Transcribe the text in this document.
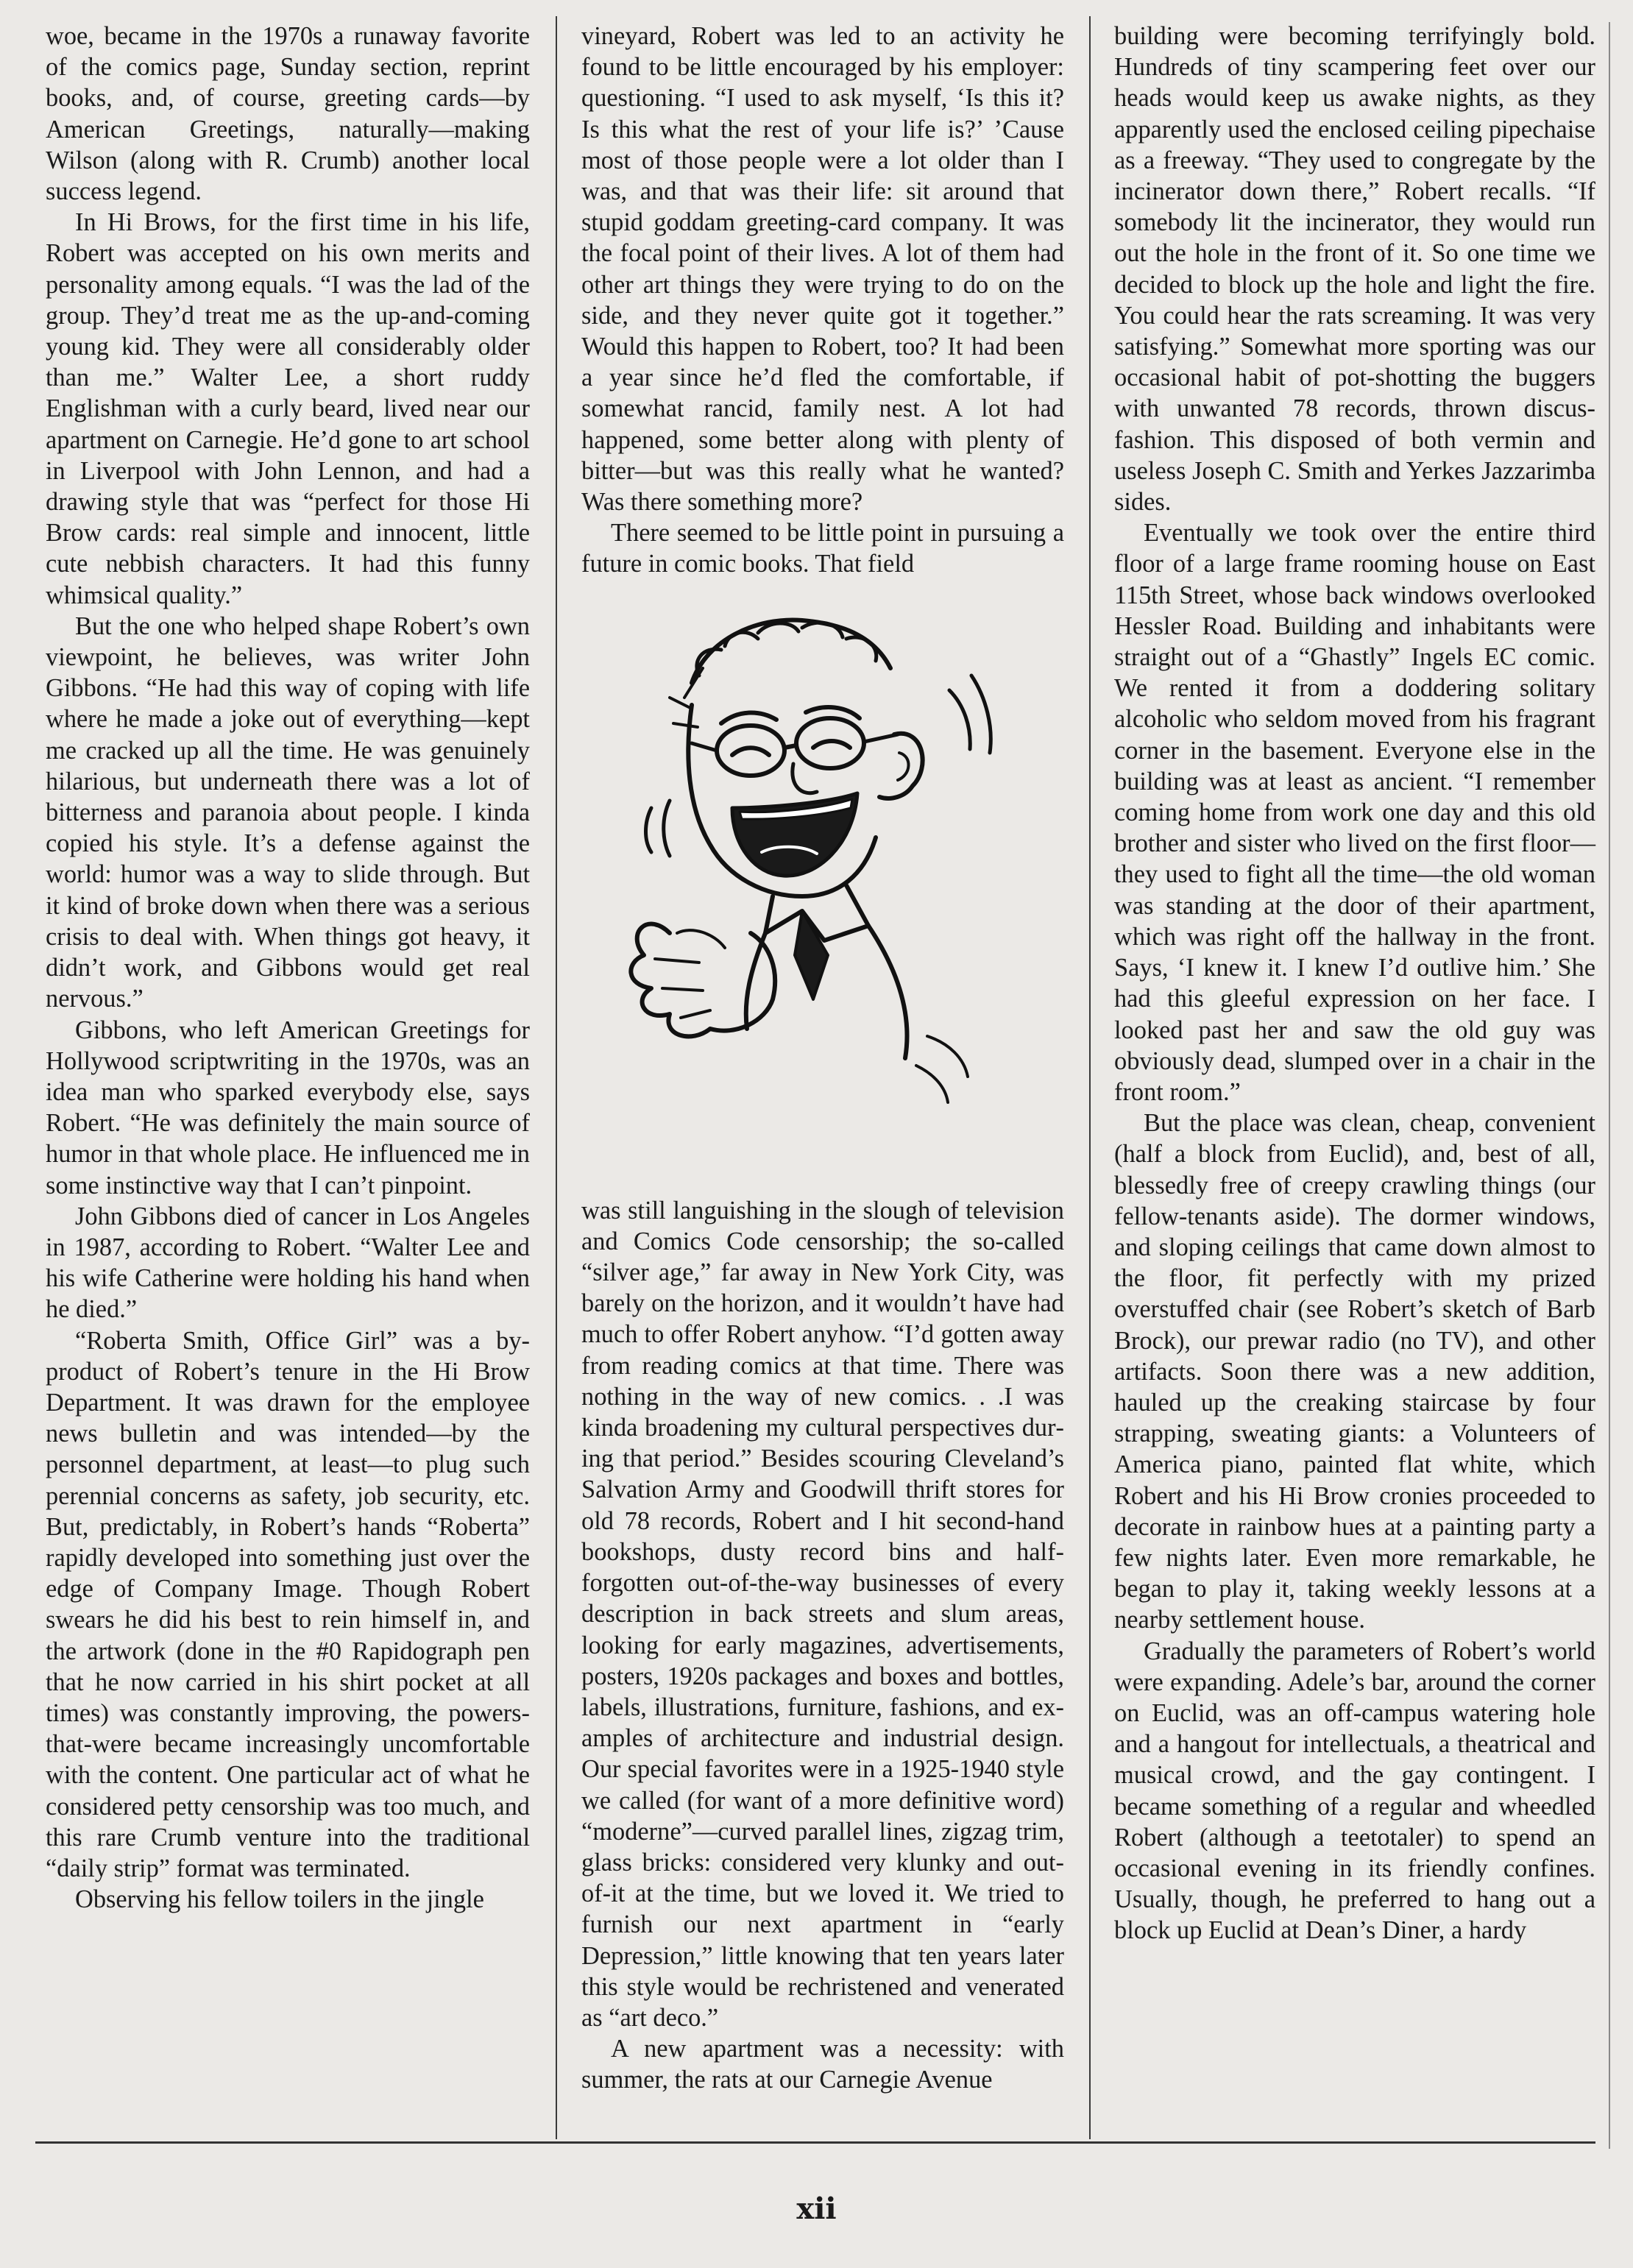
woe, became in the 1970s a runaway favorite of the comics page, Sunday section, reprint books, and, of course, greeting cards—by American Greetings, naturally—making Wilson (along with R. Crumb) another local success legend.

In Hi Brows, for the first time in his life, Robert was accepted on his own merits and personality among equals. “I was the lad of the group. They’d treat me as the up-and-coming young kid. They were all considerably older than me.” Walter Lee, a short ruddy Englishman with a curly beard, lived near our apartment on Carnegie. He’d gone to art school in Liverpool with John Lennon, and had a drawing style that was “perfect for those Hi Brow cards: real simple and innocent, little cute nebbish characters. It had this funny whimsical quality.”

But the one who helped shape Robert’s own viewpoint, he believes, was writer John Gibbons. “He had this way of coping with life where he made a joke out of everything—kept me cracked up all the time. He was genuinely hilarious, but underneath there was a lot of bitterness and paranoia about people. I kinda copied his style. It’s a defense against the world: humor was a way to slide through. But it kind of broke down when there was a serious crisis to deal with. When things got heavy, it didn’t work, and Gibbons would get real nervous.”

Gibbons, who left American Greetings for Hollywood scriptwriting in the 1970s, was an idea man who sparked everybody else, says Robert. “He was definitely the main source of humor in that whole place. He influenced me in some instinctive way that I can’t pinpoint.

John Gibbons died of cancer in Los Angeles in 1987, according to Robert. “Walter Lee and his wife Catherine were holding his hand when he died.”

“Roberta Smith, Office Girl” was a byproduct of Robert’s tenure in the Hi Brow Department. It was drawn for the employee news bulletin and was intended—by the personnel department, at least—to plug such perennial concerns as safety, job security, etc. But, predictably, in Robert’s hands “Roberta” rapidly developed into something just over the edge of Company Image. Though Robert swears he did his best to rein himself in, and the artwork (done in the #0 Rapidograph pen that he now carried in his shirt pocket at all times) was constantly improving, the powers-that-were became increasingly uncomfortable with the content. One particular act of what he considered petty censorship was too much, and this rare Crumb venture into the traditional “daily strip” format was terminated.

Observing his fellow toilers in the jingle

vineyard, Robert was led to an activity he found to be little encouraged by his employer: questioning. “I used to ask myself, ‘Is this it? Is this what the rest of your life is?’ ’Cause most of those people were a lot older than I was, and that was their life: sit around that stupid goddam greeting-card company. It was the focal point of their lives. A lot of them had other art things they were trying to do on the side, and they never quite got it together.” Would this happen to Robert, too? It had been a year since he’d fled the comfortable, if somewhat rancid, family nest. A lot had happened, some better along with plenty of bitter—but was this really what he wanted? Was there something more?

There seemed to be little point in pursuing a future in comic books. That field

was still languishing in the slough of television and Comics Code censorship; the so-called “silver age,” far away in New York City, was barely on the horizon, and it wouldn’t have had much to offer Robert anyhow. “I’d gotten away from reading comics at that time. There was nothing in the way of new comics. . .I was kinda broadening my cultural perspectives during that period.” Besides scouring Cleveland’s Salvation Army and Goodwill thrift stores for old 78 records, Robert and I hit second-hand bookshops, dusty record bins and half-forgotten out-of-the-way businesses of every description in back streets and slum areas, looking for early magazines, advertisements, posters, 1920s packages and boxes and bottles, labels, illustrations, furniture, fashions, and examples of architecture and industrial design. Our special favorites were in a 1925-1940 style we called (for want of a more definitive word) “moderne”—curved parallel lines, zigzag trim, glass bricks: considered very klunky and out-of-it at the time, but we loved it. We tried to furnish our next apartment in “early Depression,” little knowing that ten years later this style would be rechristened and venerated as “art deco.”

A new apartment was a necessity: with summer, the rats at our Carnegie Avenue

building were becoming terrifyingly bold. Hundreds of tiny scampering feet over our heads would keep us awake nights, as they apparently used the enclosed ceiling pipechaise as a freeway. “They used to congregate by the incinerator down there,” Robert recalls. “If somebody lit the incinerator, they would run out the hole in the front of it. So one time we decided to block up the hole and light the fire. You could hear the rats screaming. It was very satisfying.” Somewhat more sporting was our occasional habit of pot-shotting the buggers with unwanted 78 records, thrown discus-fashion. This disposed of both vermin and useless Joseph C. Smith and Yerkes Jazzarimba sides.

Eventually we took over the entire third floor of a large frame rooming house on East 115th Street, whose back windows overlooked Hessler Road. Building and inhabitants were straight out of a “Ghastly” Ingels EC comic. We rented it from a doddering solitary alcoholic who seldom moved from his fragrant corner in the basement. Everyone else in the building was at least as ancient. “I remember coming home from work one day and this old brother and sister who lived on the first floor—they used to fight all the time—the old woman was standing at the door of their apartment, which was right off the hallway in the front. Says, ‘I knew it. I knew I’d outlive him.’ She had this gleeful expression on her face. I looked past her and saw the old guy was obviously dead, slumped over in a chair in the front room.”

But the place was clean, cheap, convenient (half a block from Euclid), and, best of all, blessedly free of creepy crawling things (our fellow-tenants aside). The dormer windows, and sloping ceilings that came down almost to the floor, fit perfectly with my prized overstuffed chair (see Robert’s sketch of Barb Brock), our prewar radio (no TV), and other artifacts. Soon there was a new addition, hauled up the creaking staircase by four strapping, sweating giants: a Volunteers of America piano, painted flat white, which Robert and his Hi Brow cronies proceeded to decorate in rainbow hues at a painting party a few nights later. Even more remarkable, he began to play it, taking weekly lessons at a nearby settlement house.

Gradually the parameters of Robert’s world were expanding. Adele’s bar, around the corner on Euclid, was an off-campus watering hole and a hangout for intellectuals, a theatrical and musical crowd, and the gay contingent. I became something of a regular and wheedled Robert (although a teetotaler) to spend an occasional evening in its friendly confines. Usually, though, he preferred to hang out a block up Euclid at Dean’s Diner, a hardy

xii
